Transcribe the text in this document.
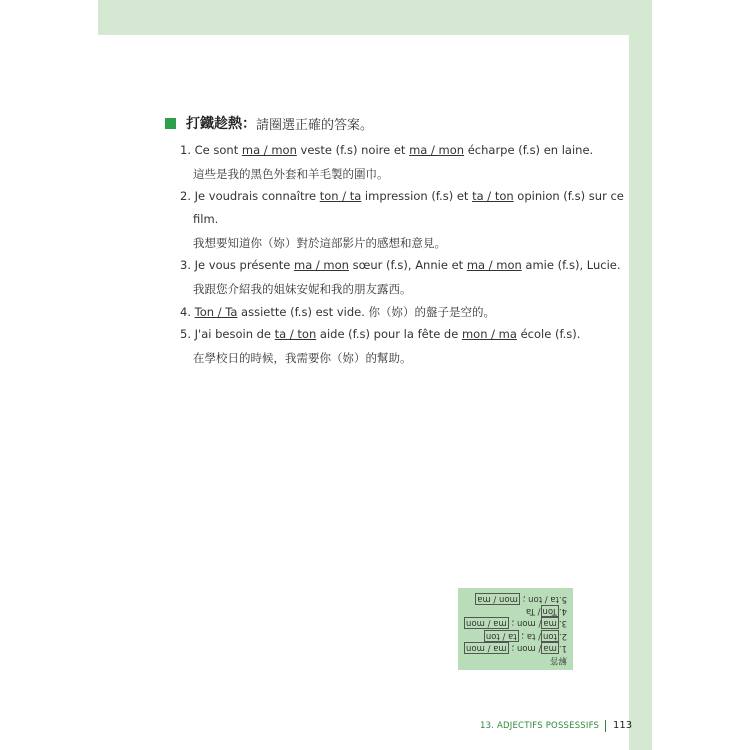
打鐵趁熱： 請圈選正確的答案。
1. Ce sont ma / mon veste (f.s) noire et ma / mon écharpe (f.s) en laine.
這些是我的黑色外套和羊毛製的圍巾。
2. Je voudrais connaître ton / ta impression (f.s) et ta / ton opinion (f.s) sur ce
film.
我想要知道你（妳）對於這部影片的感想和意見。
3. Je vous présente ma / mon sœur (f.s), Annie et ma / mon amie (f.s), Lucie.
我跟您介紹我的姐妹安妮和我的朋友露西。
4. Ton / Ta assiette (f.s) est vide. 你（妳）的盤子是空的。
5. J'ai besoin de ta / ton aide (f.s) pour la fête de mon / ma école (f.s).
在學校日的時候，我需要你（妳）的幫助。
解答
1.ma/ mon ; ma / mon
2.ton/ ta ; ta / ton
3.ma/ mon ; ma / mon
4.Ton/ Ta
5.ta / ton ; mon / ma
13. ADJECTIFS POSSESSIFS 113
